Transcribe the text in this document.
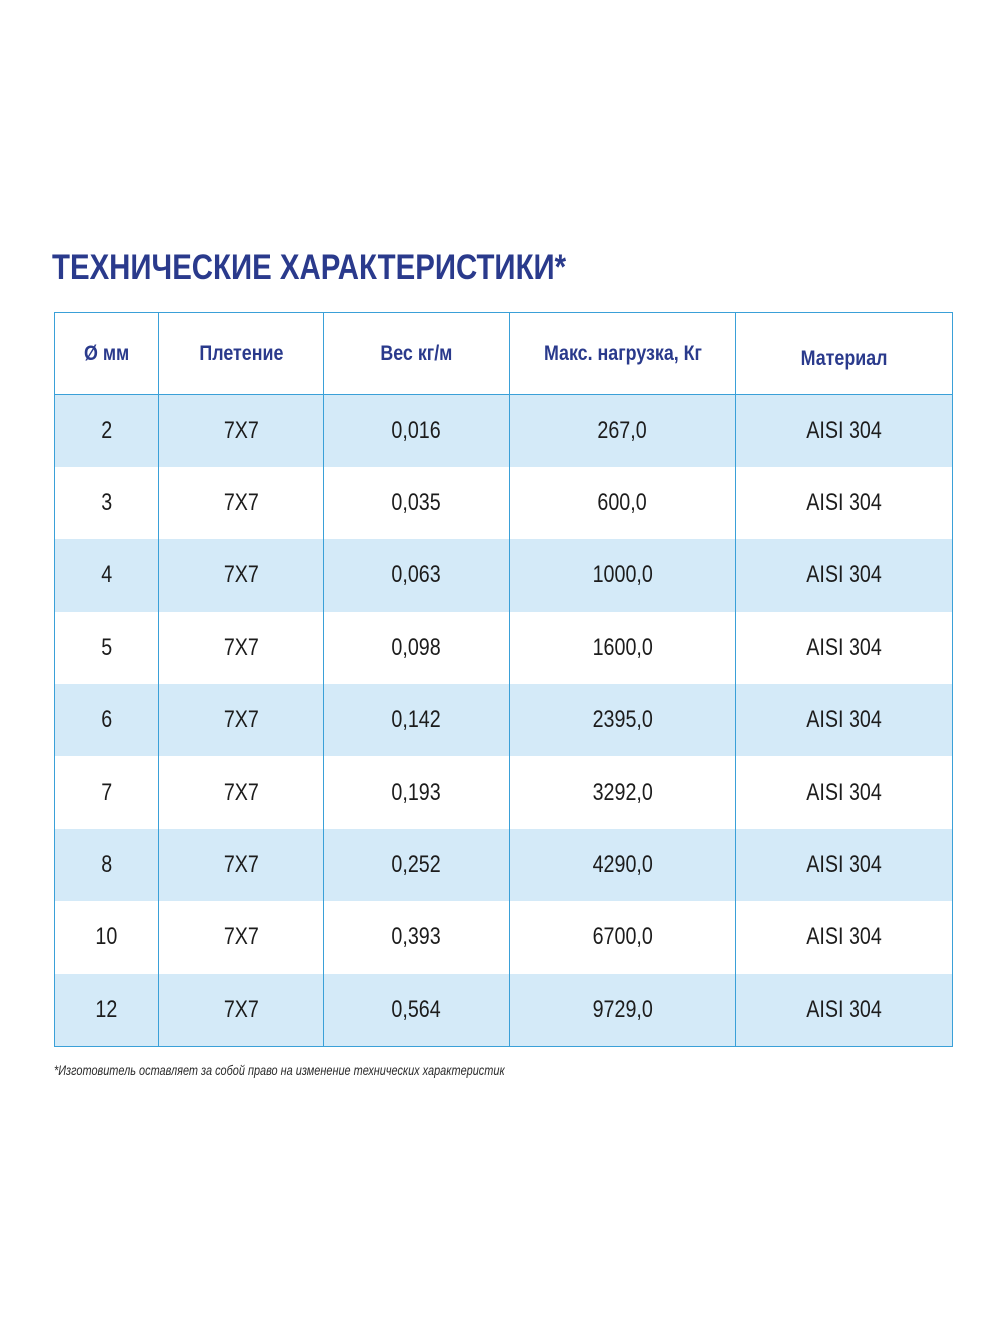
ТЕХНИЧЕСКИЕ ХАРАКТЕРИСТИКИ*
Ø мм	Плетение	Вес кг/м	Макс. нагрузка, Кг	Материал
2	7X7	0,016	267,0	AISI 304
3	7X7	0,035	600,0	AISI 304
4	7X7	0,063	1000,0	AISI 304
5	7X7	0,098	1600,0	AISI 304
6	7X7	0,142	2395,0	AISI 304
7	7X7	0,193	3292,0	AISI 304
8	7X7	0,252	4290,0	AISI 304
10	7X7	0,393	6700,0	AISI 304
12	7X7	0,564	9729,0	AISI 304
*Изготовитель оставляет за собой право на изменение технических характеристик
